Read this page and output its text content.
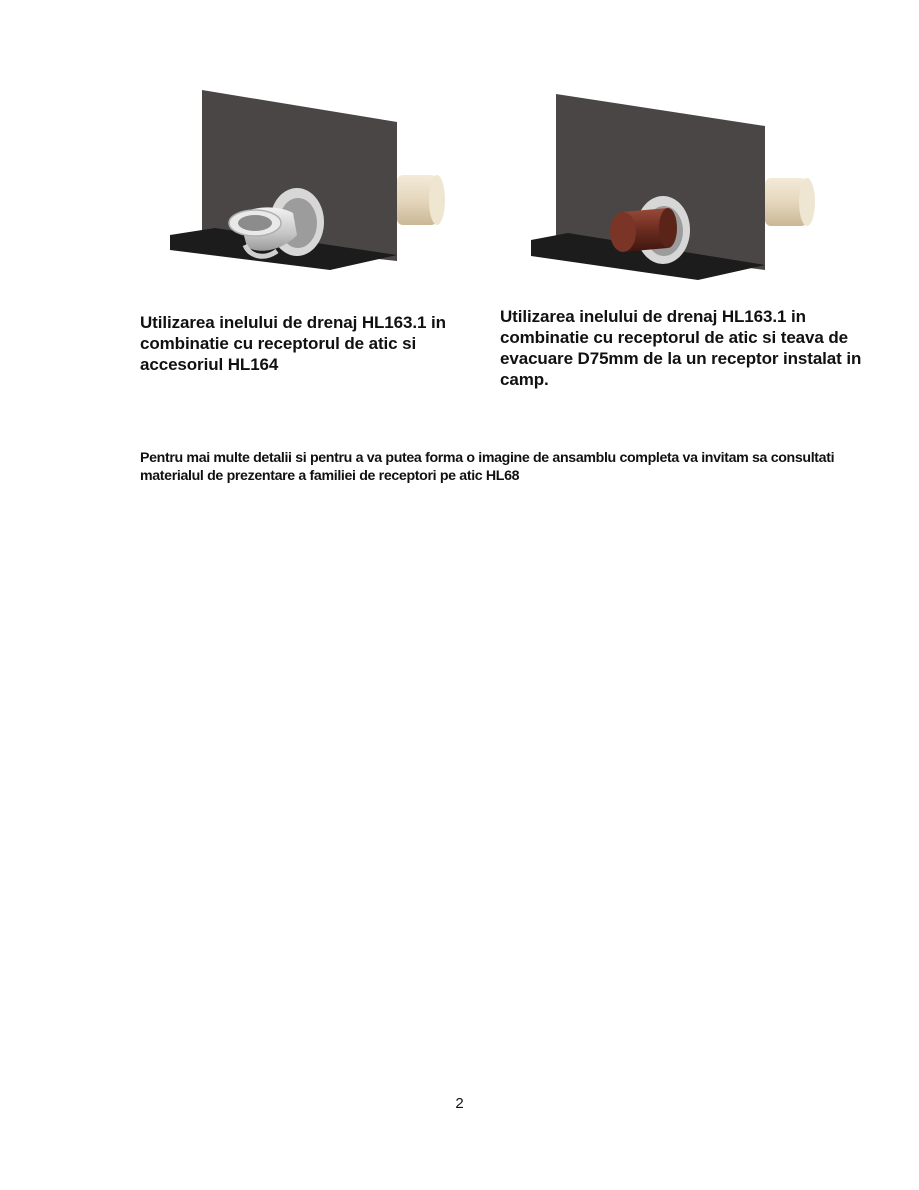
Utilizarea inelului de drenaj HL163.1 in combinatie cu receptorul de atic si accesoriul HL164
Utilizarea inelului de drenaj HL163.1 in combinatie cu receptorul de atic si teava de evacuare D75mm de la un receptor instalat in camp.
Pentru mai multe detalii si pentru a va putea forma o imagine de ansamblu completa va invitam sa consultati materialul de prezentare a familiei de receptori pe atic HL68
2
